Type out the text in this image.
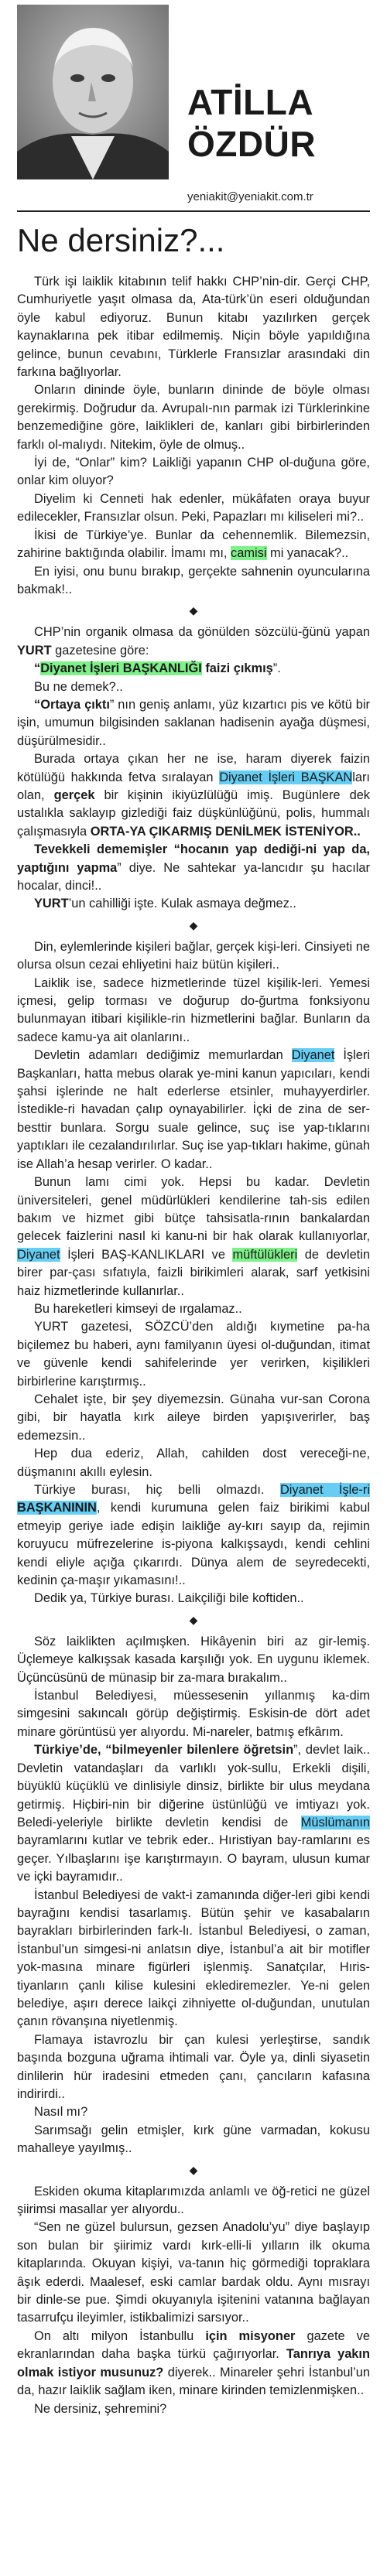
ATİLLA
ÖZDÜR
yeniakit@yeniakit.com.tr
Ne dersiniz?...

Türk işi laiklik kitabının telif hakkı CHP’nin-dir. Gerçi CHP, Cumhuriyetle yaşıt olmasa da, Ata-türk’ün eseri olduğundan öyle kabul ediyoruz. Bunun kitabı yazılırken gerçek kaynaklarına pek itibar edilmemiş. Niçin böyle yapıldığına gelince, bunun cevabını, Türklerle Fransızlar arasındaki din farkına bağlıyorlar.

Onların dininde öyle, bunların dininde de böyle olması gerekirmiş. Doğrudur da. Avrupalı-nın parmak izi Türklerinkine benzemediğine göre, laiklikleri de, kanları gibi birbirlerinden farklı ol-malıydı. Nitekim, öyle de olmuş..

İyi de, “Onlar” kim? Laikliği yapanın CHP ol-duğuna göre, onlar kim oluyor?

Diyelim ki Cenneti hak edenler, mükâfaten oraya buyur edilecekler, Fransızlar olsun. Peki, Papazları mı kiliseleri mi?..

İkisi de Türkiye’ye. Bunlar da cehennemlik. Bilemezsin, zahirine baktığında olabilir. İmamı mı, camisi mi yanacak?..

En iyisi, onu bunu bırakıp, gerçekte sahnenin oyuncularına bakmak!..

◆

CHP’nin organik olmasa da gönülden sözcülü-ğünü yapan YURT gazetesine göre:

“Diyanet İşleri BAŞKANLIĞI faizi çıkmış”.

Bu ne demek?..

“Ortaya çıktı” nın geniş anlamı, yüz kızartıcı pis ve kötü bir işin, umumun bilgisinden saklanan hadisenin ayağa düşmesi, düşürülmesidir..

Burada ortaya çıkan her ne ise, haram diyerek faizin kötülüğü hakkında fetva sıralayan Diyanet İşleri BAŞKANları olan, gerçek bir kişinin ikiyüzlülüğü imiş. Bugünlere dek ustalıkla saklayıp gizlediği faiz düşkünlüğünü, polis, hummalı çalışmasıyla ORTA-YA ÇIKARMIŞ DENİLMEK İSTENİYOR..

Tevekkeli dememişler “hocanın yap dediği-ni yap da, yaptığını yapma” diye. Ne sahtekar ya-lancıdır şu hacılar hocalar, dinci!..

YURT’un cahilliği işte. Kulak asmaya değmez..

◆

Din, eylemlerinde kişileri bağlar, gerçek kişi-leri. Cinsiyeti ne olursa olsun cezai ehliyetini haiz bütün kişileri..

Laiklik ise, sadece hizmetlerinde tüzel kişilik-leri. Yemesi içmesi, gelip torması ve doğurup do-ğurtma fonksiyonu bulunmayan itibari kişilikle-rin hizmetlerini bağlar. Bunların da sadece kamu-ya ait olanlarını..

Devletin adamları dediğimiz memurlardan Diyanet İşleri Başkanları, hatta mebus olarak ye-mini kanun yapıcıları, kendi şahsi işlerinde ne halt ederlerse etsinler, muhayyerdirler. İstedikle-ri havadan çalıp oynayabilirler. İçki de zina de ser-besttir bunlara. Sorgu suale gelince, suç ise yap-tıklarını yaptıkları ile cezalandırılırlar. Suç ise yap-tıkları hakime, günah ise Allah’a hesap verirler. O kadar..

Bunun lamı cimi yok. Hepsi bu kadar. Devletin üniversiteleri, genel müdürlükleri kendilerine tah-sis edilen bakım ve hizmet gibi bütçe tahsisatla-rının bankalardan gelecek faizlerini nasıl ki kanu-ni bir hak olarak kullanıyorlar, Diyanet İşleri BAŞ-KANLIKLARI ve müftülükleri de devletin birer par-çası sıfatıyla, faizli birikimleri alarak, sarf yetkisini haiz hizmetlerinde kullanırlar..

Bu hareketleri kimseyi de ırgalamaz..

YURT gazetesi, SÖZCÜ’den aldığı kıymetine pa-ha biçilemez bu haberi, aynı familyanın üyesi ol-duğundan, itimat ve güvenle kendi sahifelerinde yer verirken, kişilikleri birbirlerine karıştırmış..

Cehalet işte, bir şey diyemezsin. Günaha vur-san Corona gibi, bir hayatla kırk aileye birden yapışıverirler, baş edemezsin..

Hep dua ederiz, Allah, cahilden dost vereceği-ne, düşmanını akıllı eylesin.

Türkiye burası, hiç belli olmazdı. Diyanet İşle-ri BAŞKANININ, kendi kurumuna gelen faiz birikimi kabul etmeyip geriye iade edişin laikliğe ay-kırı sayıp da, rejimin koruyucu müfrezelerine is-piyona kalkışsaydı, kendi cehlini kendi eliyle açığa çıkarırdı. Dünya alem de seyredecekti, kedinin ça-maşır yıkamasını!..

Dedik ya, Türkiye burası. Laikçiliği bile koftiden..

◆

Söz laiklikten açılmışken. Hikâyenin biri az gir-lemiş. Üçlemeye kalkışsak kasada karşılığı yok. En uygunu iklemek. Üçüncüsünü de münasip bir za-mara bırakalım..

İstanbul Belediyesi, müessesenin yıllanmış ka-dim simgesini sakıncalı görüp değiştirmiş. Eskisin-de dört adet minare görüntüsü yer alıyordu. Mi-nareler, batmış efkârım.

Türkiye’de, “bilmeyenler bilenlere öğretsin”, devlet laik.. Devletin vatandaşları da varlıklı yok-sullu, Erkekli dişili, büyüklü küçüklü ve dinlisiyle dinsiz, birlikte bir ulus meydana getirmiş. Hiçbiri-nin bir diğerine üstünlüğü ve imtiyazı yok. Beledi-yeleriyle birlikte devletin kendisi de Müslümanın bayramlarını kutlar ve tebrik eder.. Hıristiyan bay-ramlarını es geçer. Yılbaşlarını işe karıştırmayın. O bayram, ulusun kumar ve içki bayramıdır..

İstanbul Belediyesi de vakt-i zamanında diğer-leri gibi kendi bayrağını kendisi tasarlamış. Bütün şehir ve kasabaların bayrakları birbirlerinden fark-lı. İstanbul Belediyesi, o zaman, İstanbul’un simgesi-ni anlatsın diye, İstanbul’a ait bir motifler yok-masına minare figürleri işlenmiş. Sanatçılar, Hıris-tiyanların çanlı kilise kulesini eklediremezler. Ye-ni gelen belediye, aşırı derece laikçi zihniyette ol-duğundan, unutulan çanın rövanşına niyetlenmiş.

Flamaya istavrozlu bir çan kulesi yerleştirse, sandık başında bozguna uğrama ihtimali var. Öyle ya, dinli siyasetin dinlilerin hür iradesini etmeden çanı, çancıların kafasına indirirdi..

Nasıl mı?

Sarımsağı gelin etmişler, kırk güne varmadan, kokusu mahalleye yayılmış..

◆

Eskiden okuma kitaplarımızda anlamlı ve öğ-retici ne güzel şiirimsi masallar yer alıyordu..

“Sen ne güzel bulursun, gezsen Anadolu’yu” diye başlayıp son bulan bir şiirimiz vardı kırk-elli-li yılların ilk okuma kitaplarında. Okuyan kişiyi, va-tanın hiç görmediği topraklara âşık ederdi. Maalesef, eski camlar bardak oldu. Aynı mısrayı bir dinle-se pue. Şimdi okuyanıyla işitenini vatanına bağlayan tasarrufçu ileyimler, istikbalimizi sarsıyor..

On altı milyon İstanbullu için misyoner gazete ve ekranlarından daha başka türkü çağırıyorlar. Tanrıya yakın olmak istiyor musunuz? diyerek.. Minareler şehri İstanbul’un da, hazır laiklik sağlam iken, minare kirinden temizlenmişken..

Ne dersiniz, şehremini?
